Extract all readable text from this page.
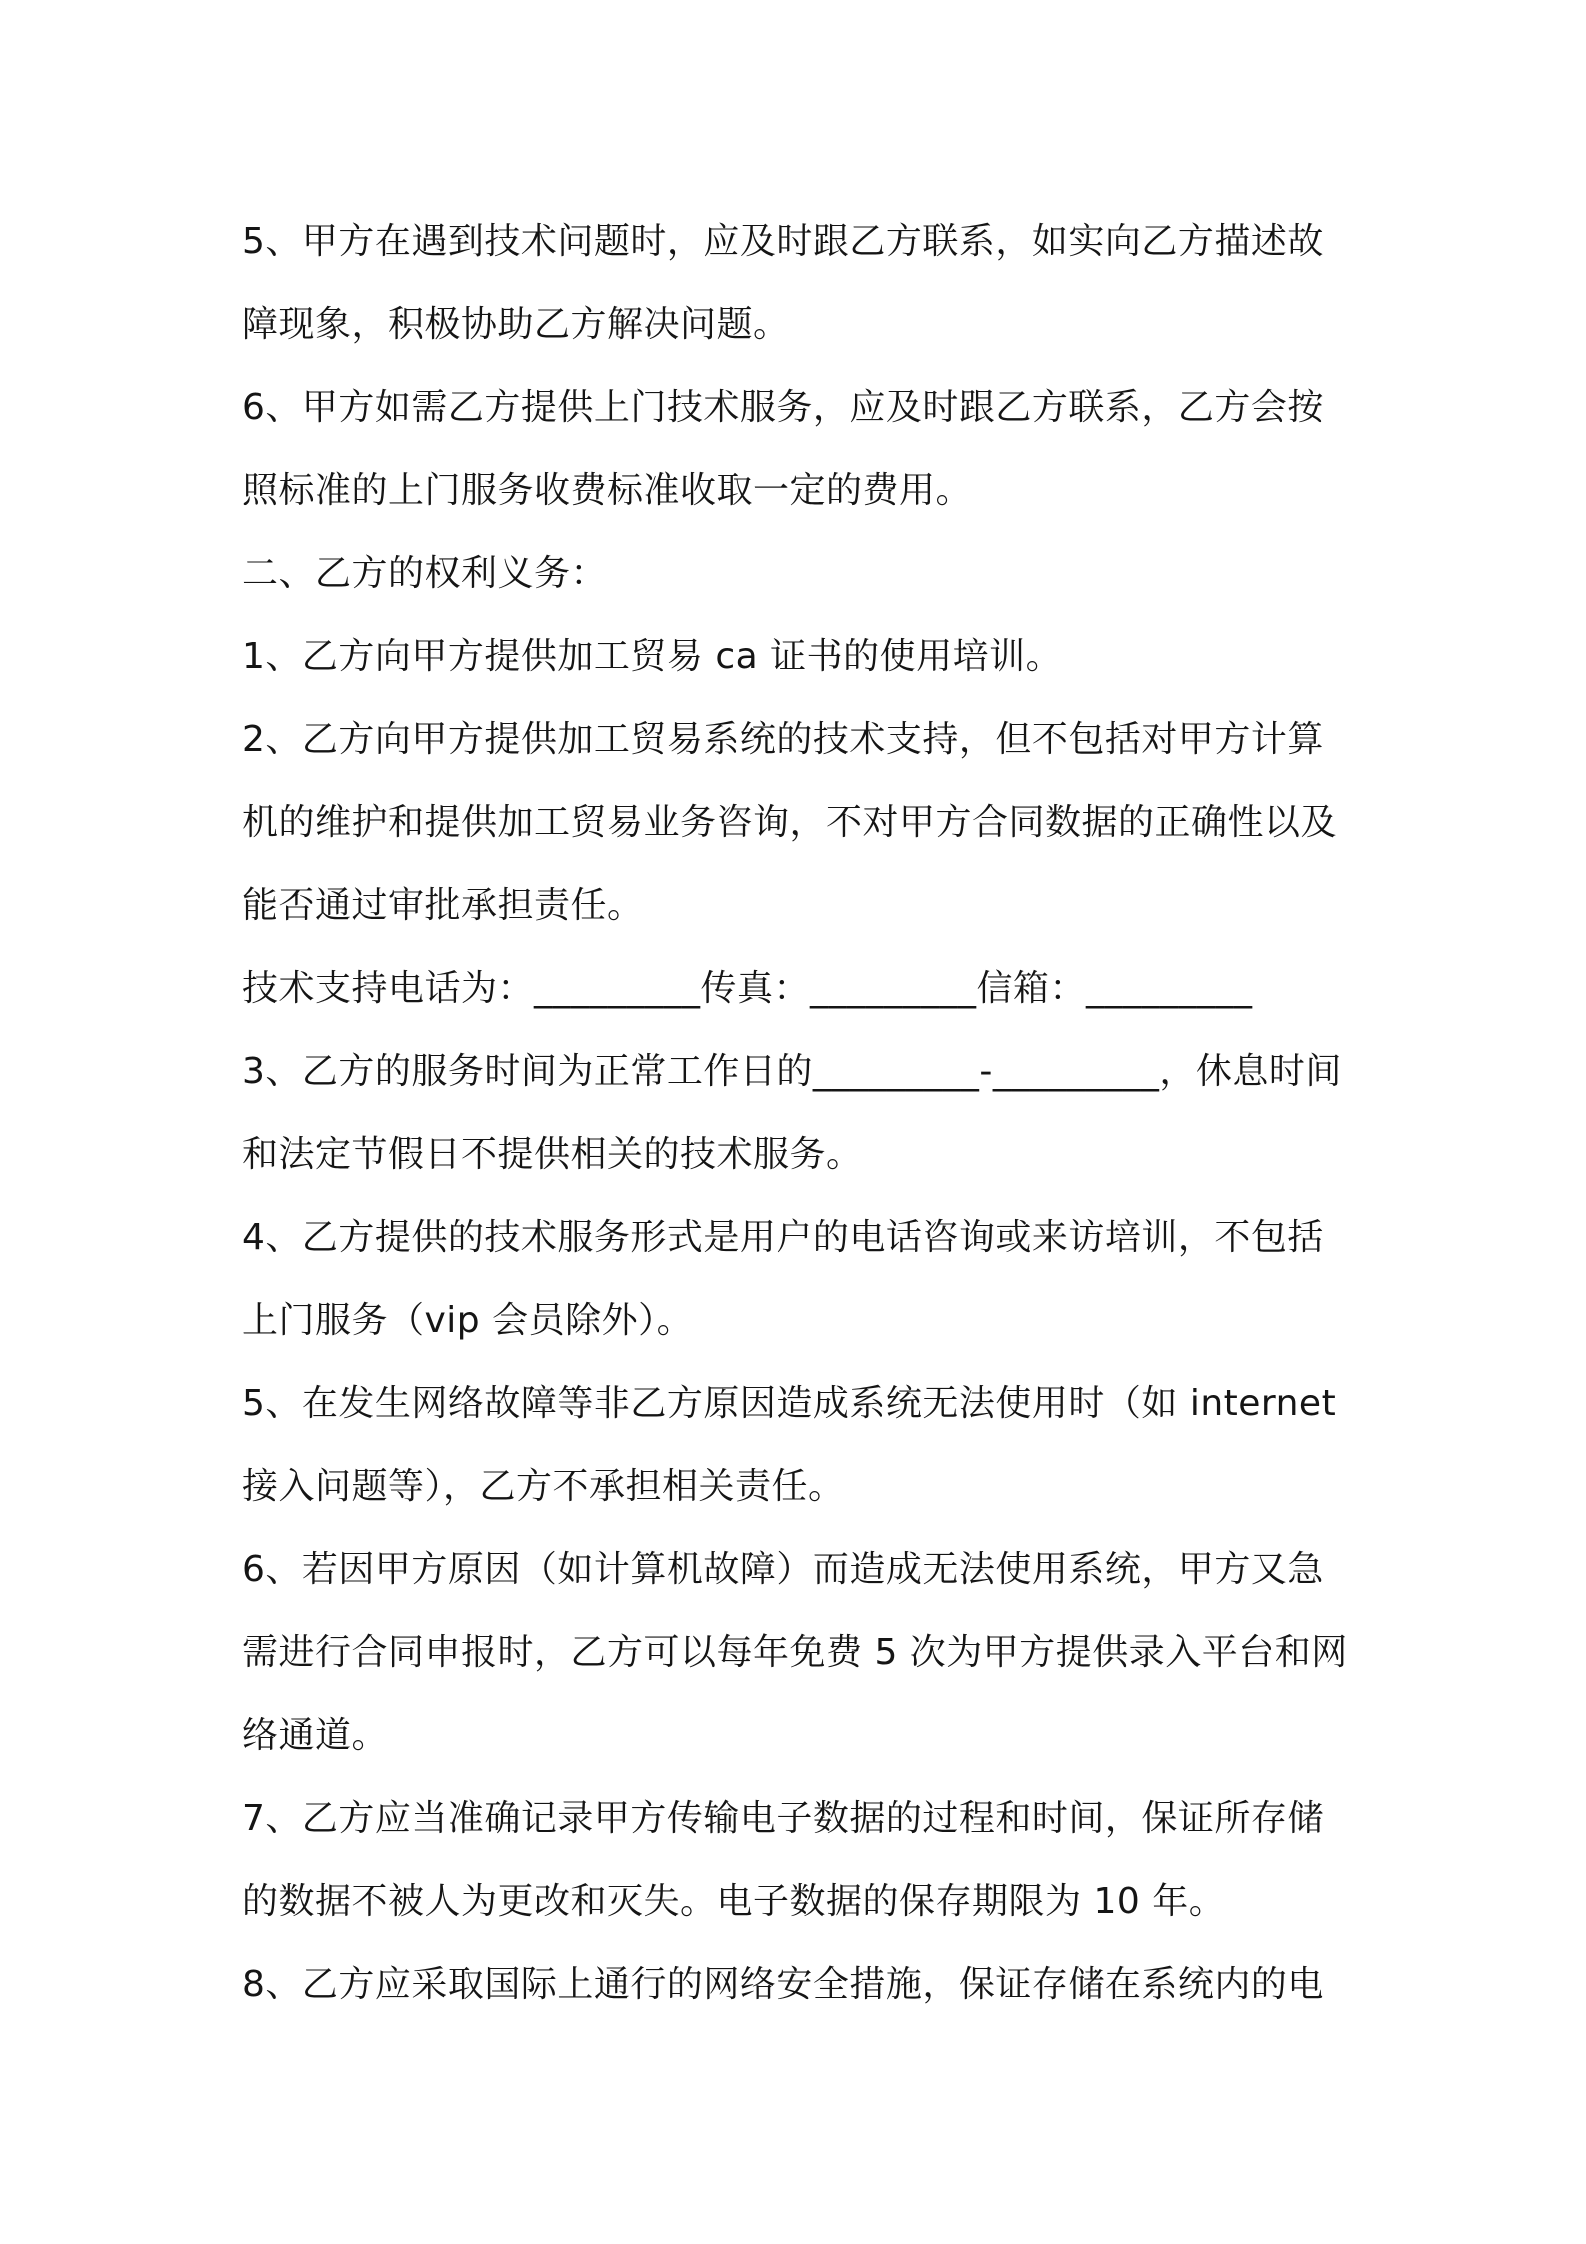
5、甲方在遇到技术问题时，应及时跟乙方联系，如实向乙方描述故
障现象，积极协助乙方解决问题。
6、甲方如需乙方提供上门技术服务，应及时跟乙方联系，乙方会按
照标准的上门服务收费标准收取一定的费用。
二、乙方的权利义务：
1、乙方向甲方提供加工贸易 ca 证书的使用培训。
2、乙方向甲方提供加工贸易系统的技术支持，但不包括对甲方计算
机的维护和提供加工贸易业务咨询，不对甲方合同数据的正确性以及
能否通过审批承担责任。
技术支持电话为：_________传真：_________信箱：_________
3、乙方的服务时间为正常工作日的_________-_________，休息时间
和法定节假日不提供相关的技术服务。
4、乙方提供的技术服务形式是用户的电话咨询或来访培训，不包括
上门服务（vip 会员除外）。
5、在发生网络故障等非乙方原因造成系统无法使用时（如 internet
接入问题等），乙方不承担相关责任。
6、若因甲方原因（如计算机故障）而造成无法使用系统，甲方又急
需进行合同申报时，乙方可以每年免费 5 次为甲方提供录入平台和网
络通道。
7、乙方应当准确记录甲方传输电子数据的过程和时间，保证所存储
的数据不被人为更改和灭失。电子数据的保存期限为 10 年。
8、乙方应采取国际上通行的网络安全措施，保证存储在系统内的电
